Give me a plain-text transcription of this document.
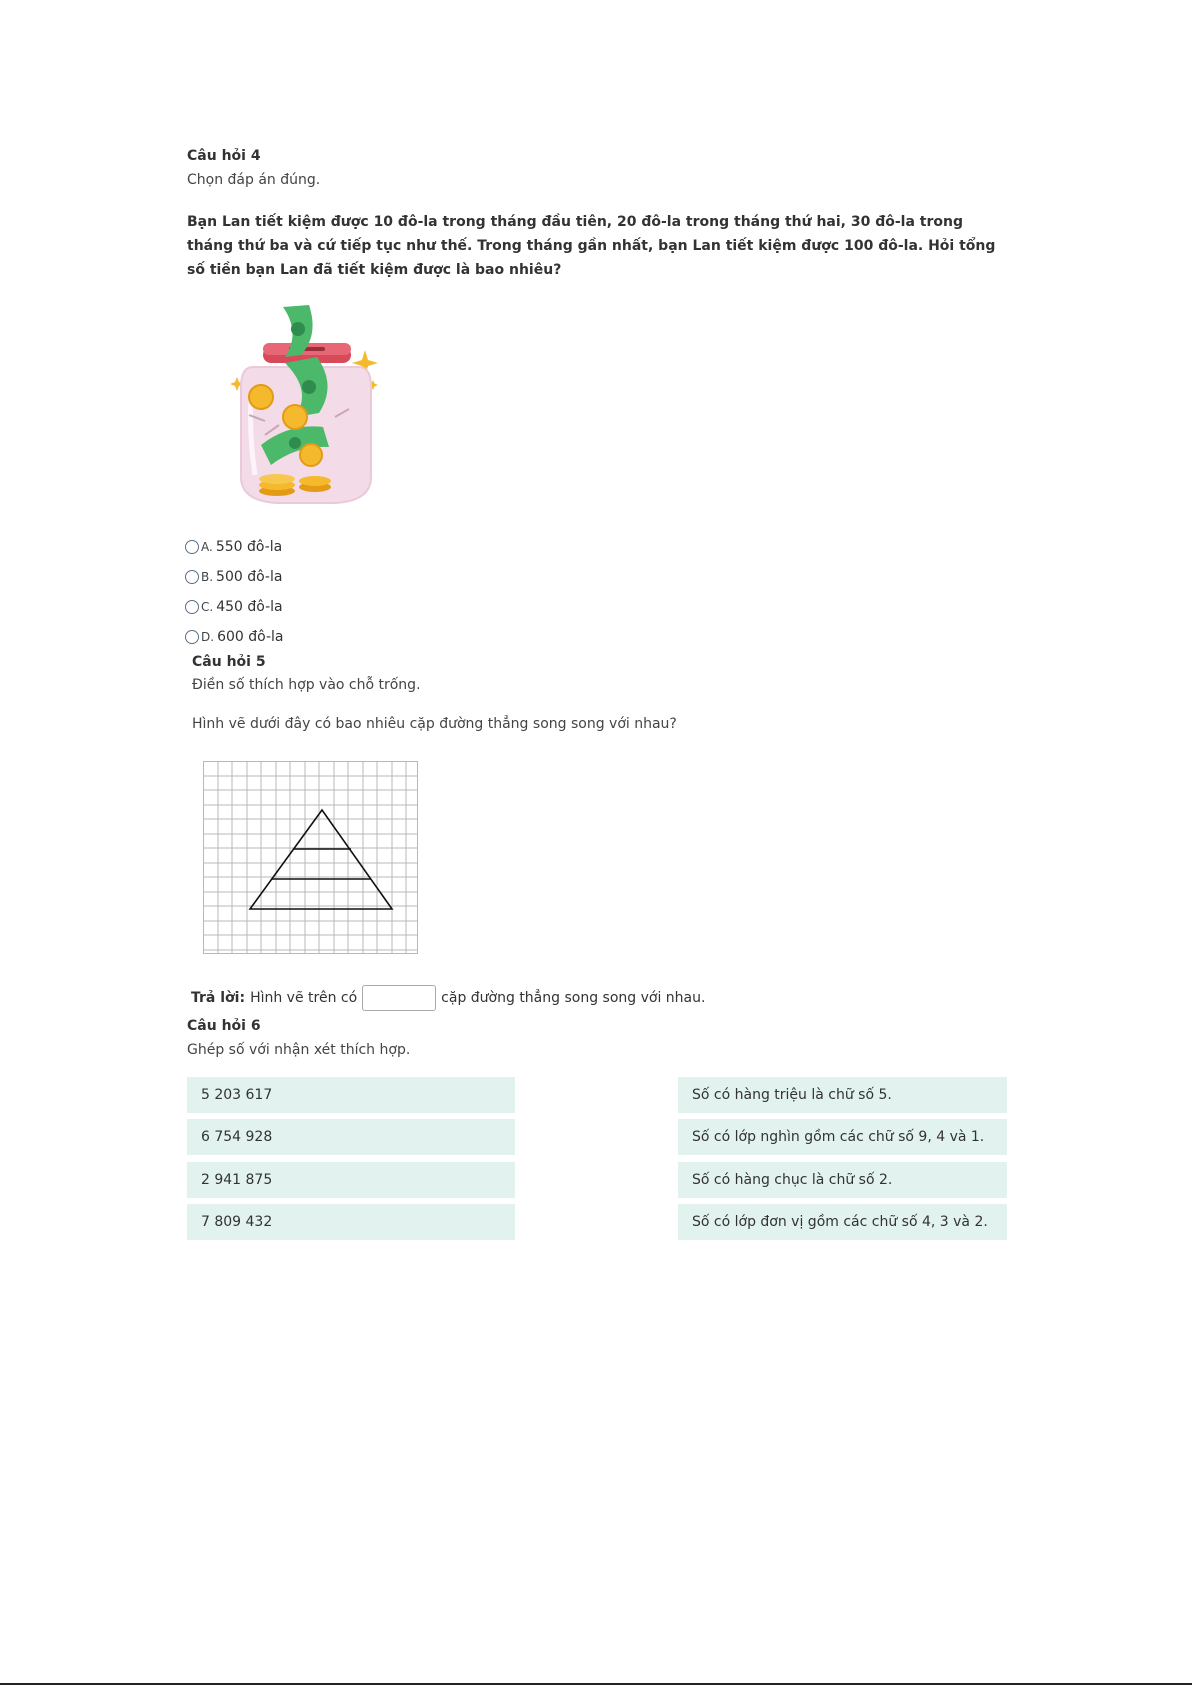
Câu hỏi 4
Chọn đáp án đúng.
Bạn Lan tiết kiệm được 10 đô-la trong tháng đầu tiên, 20 đô-la trong tháng thứ hai, 30 đô-la trong tháng thứ ba và cứ tiếp tục như thế. Trong tháng gần nhất, bạn Lan tiết kiệm được 100 đô-la. Hỏi tổng số tiền bạn Lan đã tiết kiệm được là bao nhiêu?
A. 550 đô-la
B. 500 đô-la
C. 450 đô-la
D. 600 đô-la
Câu hỏi 5
Điền số thích hợp vào chỗ trống.
Hình vẽ dưới đây có bao nhiêu cặp đường thẳng song song với nhau?
Trả lời: Hình vẽ trên có	cặp đường thẳng song song với nhau.
Câu hỏi 6
Ghép số với nhận xét thích hợp.
5 203 617
6 754 928
2 941 875
7 809 432
Số có hàng triệu là chữ số 5.
Số có lớp nghìn gồm các chữ số 9, 4 và 1.
Số có hàng chục là chữ số 2.
Số có lớp đơn vị gồm các chữ số 4, 3 và 2.
